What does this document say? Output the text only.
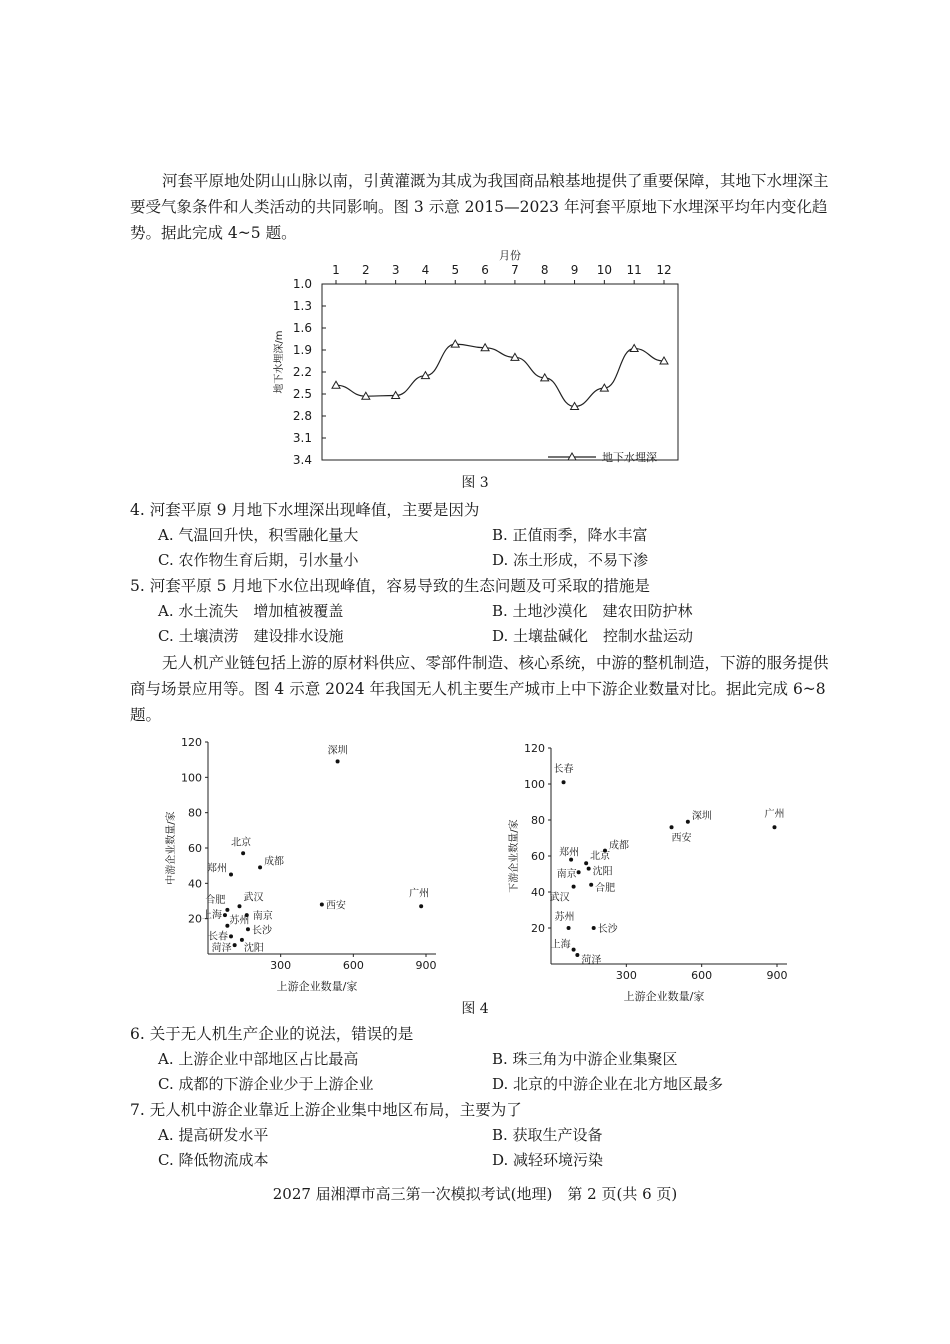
河套平原地处阴山山脉以南，引黄灌溉为其成为我国商品粮基地提供了重要保障，其地下水埋深主要受气象条件和人类活动的共同影响。图 3 示意 2015—2023 年河套平原地下水埋深平均年内变化趋势。据此完成 4~5 题。
月份
1 2 3 4 5 6 7 8 9 10 11 12
1.0
1.3
1.6
1.9
2.2
2.5
2.8
3.1
3.4
地下水埋深/m
地下水埋深
图 3
4. 河套平原 9 月地下水埋深出现峰值，主要是因为
A. 气温回升快，积雪融化量大	B. 正值雨季，降水丰富
C. 农作物生育后期，引水量小	D. 冻土形成，不易下渗
5. 河套平原 5 月地下水位出现峰值，容易导致的生态问题及可采取的措施是
A. 水土流失　增加植被覆盖	B. 土地沙漠化　建农田防护林
C. 土壤渍涝　建设排水设施	D. 土壤盐碱化　控制水盐运动
无人机产业链包括上游的原材料供应、零部件制造、核心系统，中游的整机制造，下游的服务提供商与场景应用等。图 4 示意 2024 年我国无人机主要生产城市上中下游企业数量对比。据此完成 6~8 题。
20
40
60
80
100
120
300	600	900
上游企业数量/家
中游企业数量/家
深圳
北京
成都
郑州
武汉
合肥
上海	南京
苏州
长沙
长春
沈阳
菏泽
西安
广州
20
40
60
80
100
120
300	600	900
上游企业数量/家
下游企业数量/家
长春
深圳
西安
广州
成都
郑州 北京
沈阳
南京
武汉
合肥
苏州
长沙
上海
菏泽
图 4
6. 关于无人机生产企业的说法，错误的是
A. 上游企业中部地区占比最高	B. 珠三角为中游企业集聚区
C. 成都的下游企业少于上游企业	D. 北京的中游企业在北方地区最多
7. 无人机中游企业靠近上游企业集中地区布局，主要为了
A. 提高研发水平	B. 获取生产设备
C. 降低物流成本	D. 减轻环境污染
2027 届湘潭市高三第一次模拟考试(地理)　第 2 页(共 6 页)
